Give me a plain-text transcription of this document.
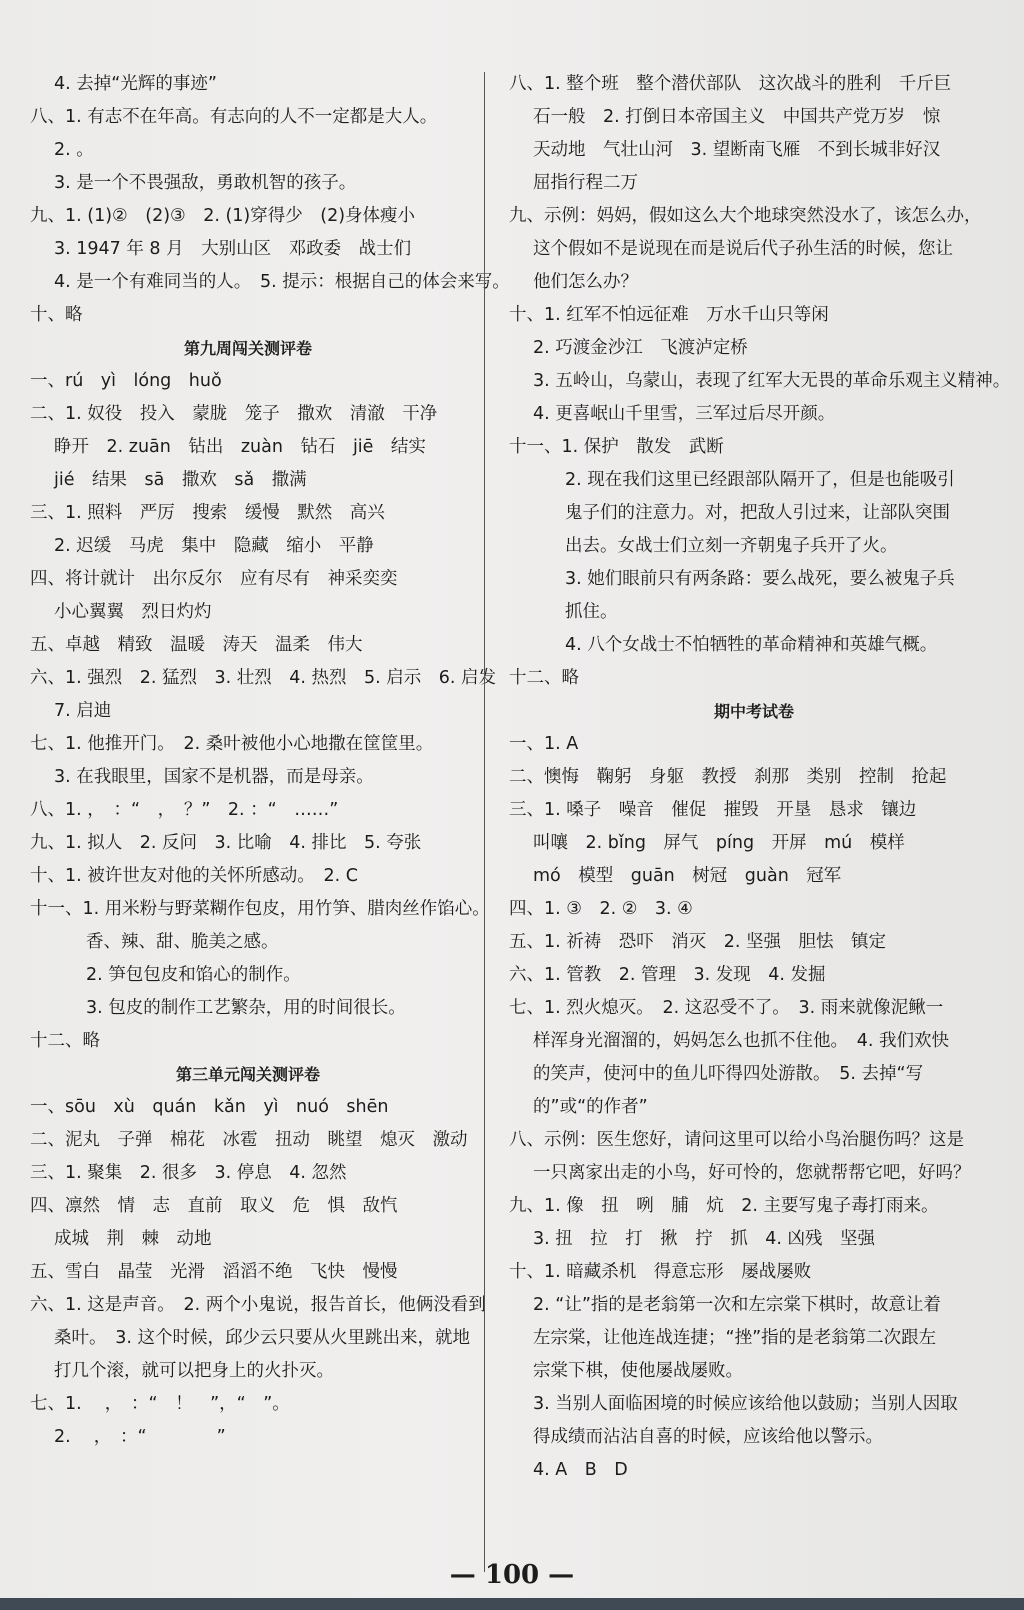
4. 去掉“光辉的事迹”
八、1. 有志不在年高。有志向的人不一定都是大人。
2. 。
3. 是一个不畏强敌，勇敢机智的孩子。
九、1. (1)②　(2)③　2. (1)穿得少　(2)身体瘦小
3. 1947 年 8 月　大别山区　邓政委　战士们
4. 是一个有难同当的人。　5. 提示：根据自己的体会来写。
十、略
第九周闯关测评卷
一、rú　yì　lóng　huǒ
二、1. 奴役　投入　蒙胧　笼子　撒欢　清澈　干净
睁开　2. zuān　钻出　zuàn　钻石　jiē　结实
jié　结果　sā　撒欢　sǎ　撒满
三、1. 照料　严厉　搜索　缓慢　默然　高兴
2. 迟缓　马虎　集中　隐藏　缩小　平静
四、将计就计　出尔反尔　应有尽有　神采奕奕
小心翼翼　烈日灼灼
五、卓越　精致　温暖　涛天　温柔　伟大
六、1. 强烈　2. 猛烈　3. 壮烈　4. 热烈　5. 启示　6. 启发
7. 启迪
七、1. 他推开门。　2. 桑叶被他小心地撒在筐筐里。
3. 在我眼里，国家不是机器，而是母亲。
八、1. ，　：“　，　？”　2. ：“　……”
九、1. 拟人　2. 反问　3. 比喻　4. 排比　5. 夸张
十、1. 被许世友对他的关怀所感动。　2. C
十一、1. 用米粉与野菜糊作包皮，用竹笋、腊肉丝作馅心。
香、辣、甜、脆美之感。
2. 笋包包皮和馅心的制作。
3. 包皮的制作工艺繁杂，用的时间很长。
十二、略
第三单元闯关测评卷
一、sōu　xù　quán　kǎn　yì　nuó　shēn
二、泥丸　子弹　棉花　冰雹　扭动　眺望　熄灭　激动
三、1. 聚集　2. 很多　3. 停息　4. 忽然
四、凛然　情　志　直前　取义　危　惧　敌忾
成城　荆　棘　动地
五、雪白　晶莹　光滑　滔滔不绝　飞快　慢慢
六、1. 这是声音。　2. 两个小鬼说，报告首长，他俩没看到
桑叶。　3. 这个时候，邱少云只要从火里跳出来，就地
打几个滚，就可以把身上的火扑灭。
七、1. 　，　：“　！　”，“　”。
2. 　，　：“　　　　”
八、1. 整个班　整个潜伏部队　这次战斗的胜利　千斤巨
石一般　2. 打倒日本帝国主义　中国共产党万岁　惊
天动地　气壮山河　3. 望断南飞雁　不到长城非好汉
屈指行程二万
九、示例：妈妈，假如这么大个地球突然没水了，该怎么办，
这个假如不是说现在而是说后代子孙生活的时候，您让
他们怎么办？
十、1. 红军不怕远征难　万水千山只等闲
2. 巧渡金沙江　飞渡泸定桥
3. 五岭山，乌蒙山，表现了红军大无畏的革命乐观主义精神。
4. 更喜岷山千里雪，三军过后尽开颜。
十一、1. 保护　散发　武断
2. 现在我们这里已经跟部队隔开了，但是也能吸引
鬼子们的注意力。对，把敌人引过来，让部队突围
出去。女战士们立刻一齐朝鬼子兵开了火。
3. 她们眼前只有两条路：要么战死，要么被鬼子兵
抓住。
4. 八个女战士不怕牺牲的革命精神和英雄气概。
十二、略
期中考试卷
一、1. A
二、懊悔　鞠躬　身躯　教授　刹那　类别　控制　抢起
三、1. 嗓子　噪音　催促　摧毁　开垦　恳求　镶边
叫嚷　2. bǐng　屏气　píng　开屏　mú　模样
mó　模型　guān　树冠　guàn　冠军
四、1. ③　2. ②　3. ④
五、1. 祈祷　恐吓　消灭　2. 坚强　胆怯　镇定
六、1. 管教　2. 管理　3. 发现　4. 发掘
七、1. 烈火熄灭。　2. 这忍受不了。　3. 雨来就像泥鳅一
样浑身光溜溜的，妈妈怎么也抓不住他。　4. 我们欢快
的笑声，使河中的鱼儿吓得四处游散。　5. 去掉“写
的”或“的作者”
八、示例：医生您好，请问这里可以给小鸟治腿伤吗？这是
一只离家出走的小鸟，好可怜的，您就帮帮它吧，好吗？
九、1. 像　扭　咧　脯　炕　2. 主要写鬼子毒打雨来。
3. 扭　拉　打　揪　拧　抓　4. 凶残　坚强
十、1. 暗藏杀机　得意忘形　屡战屡败
2. “让”指的是老翁第一次和左宗棠下棋时，故意让着
左宗棠，让他连战连捷；“挫”指的是老翁第二次跟左
宗棠下棋，使他屡战屡败。
3. 当别人面临困境的时候应该给他以鼓励；当别人因取
得成绩而沾沾自喜的时候，应该给他以警示。
4. A　B　D
— 100 —
